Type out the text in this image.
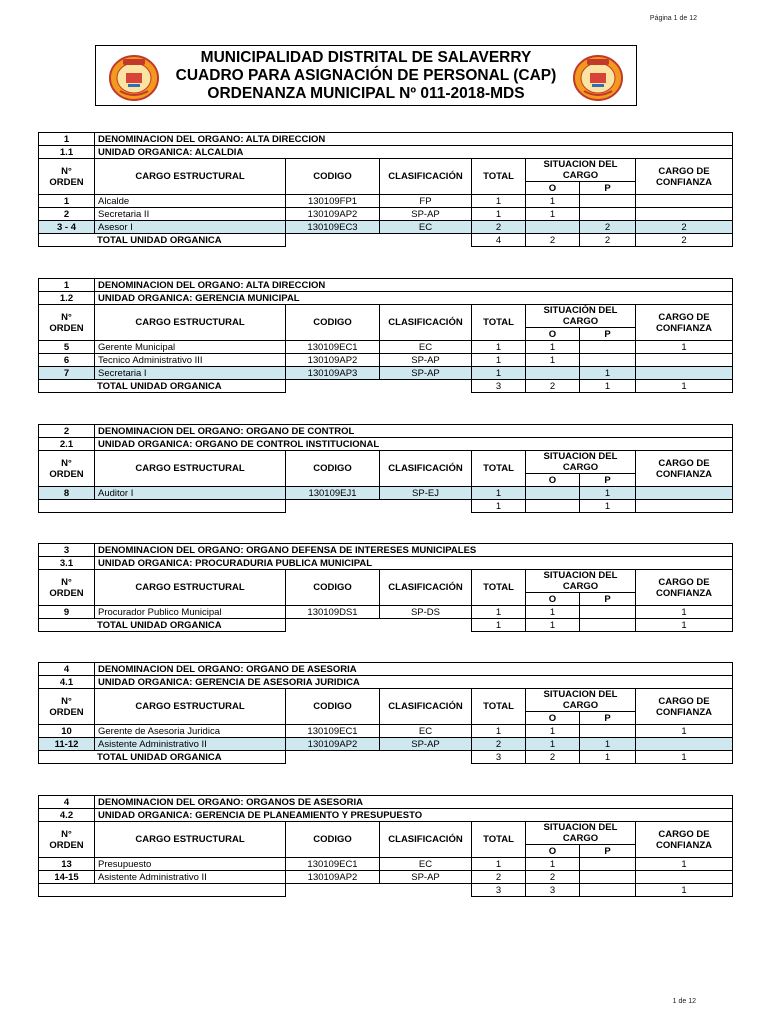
Página 1 de 12
MUNICIPALIDAD DISTRITAL DE SALAVERRY
CUADRO PARA ASIGNACIÓN DE PERSONAL (CAP)
ORDENANZA MUNICIPAL Nº 011-2018-MDS
1	DENOMINACION DEL ORGANO: ALTA DIRECCION						
1.1	UNIDAD ORGANICA: ALCALDIA						
N°
ORDEN	CARGO ESTRUCTURAL	CODIGO	CLASIFICACIÓN	TOTAL	SITUACION DEL
CARGO		CARGO DE
CONFIANZA
					O	P	
1	Alcalde	130109FP1	FP	1	1		
2	Secretaria II	130109AP2	SP-AP	1	1		
3 - 4	Asesor I	130109EC3	EC	2		2	2
TOTAL UNIDAD ORGANICA				4	2	2	2
1	DENOMINACION DEL ORGANO: ALTA DIRECCION						
1.2	UNIDAD ORGANICA: GERENCIA MUNICIPAL						
N°
ORDEN	CARGO ESTRUCTURAL	CODIGO	CLASIFICACIÓN	TOTAL	SITUACIÓN DEL
CARGO		CARGO DE
CONFIANZA
					O	P	
5	Gerente Municipal	130109EC1	EC	1	1		1
6	Tecnico Administrativo III	130109AP2	SP-AP	1	1		
7	Secretaria I	130109AP3	SP-AP	1		1	
TOTAL UNIDAD ORGANICA				3	2	1	1
2	DENOMINACION DEL ORGANO: ORGANO DE CONTROL						
2.1	UNIDAD ORGANICA: ORGANO DE CONTROL INSTITUCIONAL						
N°
ORDEN	CARGO ESTRUCTURAL	CODIGO	CLASIFICACIÓN	TOTAL	SITUACION DEL
CARGO		CARGO DE
CONFIANZA
					O	P	
8	Auditor I	130109EJ1	SP-EJ	1		1	
				1		1	
3	DENOMINACION DEL ORGANO: ORGANO DEFENSA DE INTERESES MUNICIPALES						
3.1	UNIDAD ORGANICA: PROCURADURIA PUBLICA MUNICIPAL						
N°
ORDEN	CARGO ESTRUCTURAL	CODIGO	CLASIFICACIÓN	TOTAL	SITUACION DEL
CARGO		CARGO DE
CONFIANZA
					O	P	
9	Procurador Publico Municipal	130109DS1	SP-DS	1	1		1
TOTAL UNIDAD ORGANICA				1	1		1
4	DENOMINACION DEL ORGANO: ORGANO DE ASESORIA						
4.1	UNIDAD ORGANICA: GERENCIA DE ASESORIA JURIDICA						
N°
ORDEN	CARGO ESTRUCTURAL	CODIGO	CLASIFICACIÓN	TOTAL	SITUACION DEL
CARGO		CARGO DE
CONFIANZA
					O	P	
10	Gerente de Asesoria Juridica	130109EC1	EC	1	1		1
11-12	Asistente Administrativo II	130109AP2	SP-AP	2	1	1	
TOTAL UNIDAD ORGANICA				3	2	1	1
4	DENOMINACION DEL ORGANO: ORGANOS DE ASESORIA						
4.2	UNIDAD ORGANICA: GERENCIA DE PLANEAMIENTO Y PRESUPUESTO						
N°
ORDEN	CARGO ESTRUCTURAL	CODIGO	CLASIFICACIÓN	TOTAL	SITUACION DEL
CARGO		CARGO DE
CONFIANZA
					O	P	
13	Presupuesto	130109EC1	EC	1	1		1
14-15	Asistente Administrativo II	130109AP2	SP-AP	2	2		
				3	3		1
1 de 12
